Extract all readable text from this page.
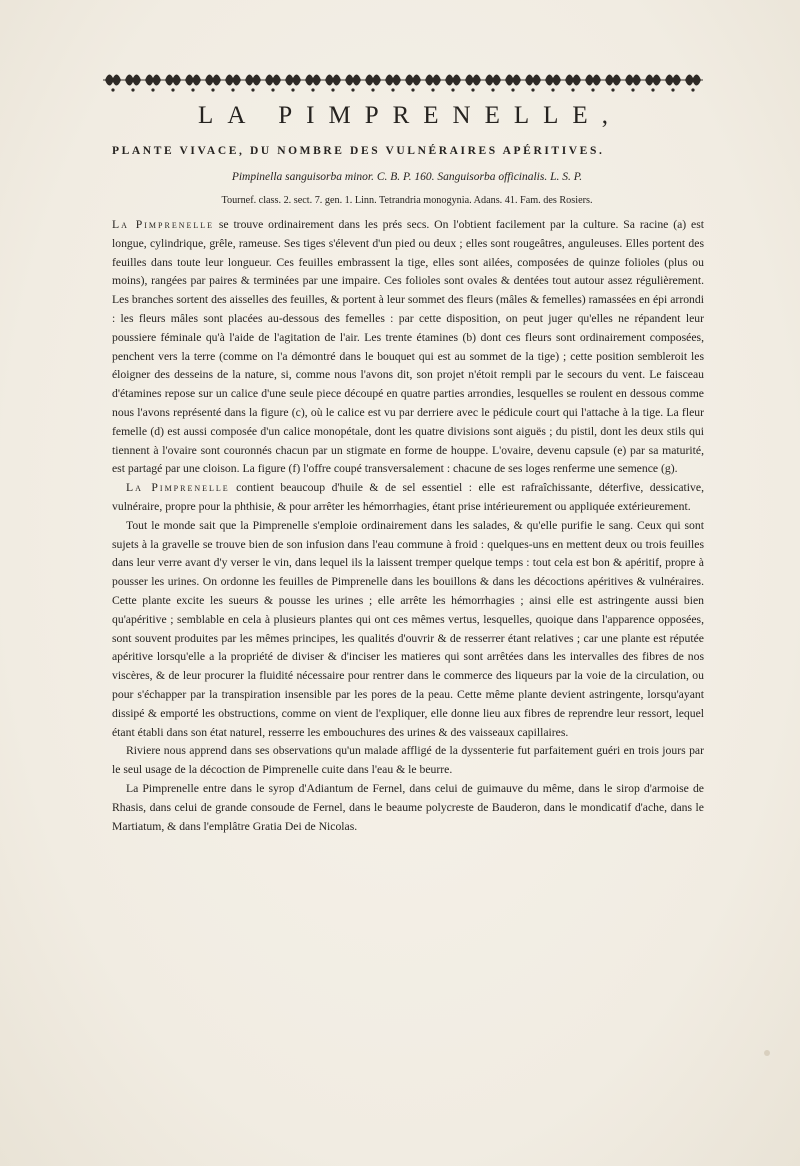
LA PIMPRENELLE,
PLANTE VIVACE, DU NOMBRE DES VULNÉRAIRES APÉRITIVES.
Pimpinella sanguisorba minor. C. B. P. 160. Sanguisorba officinalis. L. S. P.
Tournef. class. 2. sect. 7. gen. 1. Linn. Tetrandria monogynia. Adans. 41. Fam. des Rosiers.

La Pimprenelle se trouve ordinairement dans les prés secs. On l'obtient facilement par la culture. Sa racine (a) est longue, cylindrique, grêle, rameuse. Ses tiges s'élevent d'un pied ou deux ; elles sont rougeâtres, anguleuses. Elles portent des feuilles dans toute leur longueur. Ces feuilles embrassent la tige, elles sont ailées, composées de quinze folioles (plus ou moins), rangées par paires & terminées par une impaire. Ces folioles sont ovales & dentées tout autour assez régulièrement. Les branches sortent des aisselles des feuilles, & portent à leur sommet des fleurs (mâles & femelles) ramassées en épi arrondi : les fleurs mâles sont placées au-dessous des femelles : par cette disposition, on peut juger qu'elles ne répandent leur poussiere féminale qu'à l'aide de l'agitation de l'air. Les trente étamines (b) dont ces fleurs sont ordinairement composées, penchent vers la terre (comme on l'a démontré dans le bouquet qui est au sommet de la tige) ; cette position sembleroit les éloigner des desseins de la nature, si, comme nous l'avons dit, son projet n'étoit rempli par le secours du vent. Le faisceau d'étamines repose sur un calice d'une seule piece découpé en quatre parties arrondies, lesquelles se roulent en dessous comme nous l'avons représenté dans la figure (c), où le calice est vu par derriere avec le pédicule court qui l'attache à la tige. La fleur femelle (d) est aussi composée d'un calice monopétale, dont les quatre divisions sont aiguës ; du pistil, dont les deux stils qui tiennent à l'ovaire sont couronnés chacun par un stigmate en forme de houppe. L'ovaire, devenu capsule (e) par sa maturité, est partagé par une cloison. La figure (f) l'offre coupé transversalement : chacune de ses loges renferme une semence (g).

La Pimprenelle contient beaucoup d'huile & de sel essentiel : elle est rafraîchissante, déterfive, dessicative, vulnéraire, propre pour la phthisie, & pour arrêter les hémorrhagies, étant prise intérieurement ou appliquée extérieurement.

Tout le monde sait que la Pimprenelle s'emploie ordinairement dans les salades, & qu'elle purifie le sang. Ceux qui sont sujets à la gravelle se trouve bien de son infusion dans l'eau commune à froid : quelques-uns en mettent deux ou trois feuilles dans leur verre avant d'y verser le vin, dans lequel ils la laissent tremper quelque temps : tout cela est bon & apéritif, propre à pousser les urines. On ordonne les feuilles de Pimprenelle dans les bouillons & dans les décoctions apéritives & vulnéraires. Cette plante excite les sueurs & pousse les urines ; elle arrête les hémorrhagies ; ainsi elle est astringente aussi bien qu'apéritive ; semblable en cela à plusieurs plantes qui ont ces mêmes vertus, lesquelles, quoique dans l'apparence opposées, sont souvent produites par les mêmes principes, les qualités d'ouvrir & de resserrer étant relatives ; car une plante est réputée apéritive lorsqu'elle a la propriété de diviser & d'inciser les matieres qui sont arrêtées dans les intervalles des fibres de nos viscères, & de leur procurer la fluidité nécessaire pour rentrer dans le commerce des liqueurs par la voie de la circulation, ou pour s'échapper par la transpiration insensible par les pores de la peau. Cette même plante devient astringente, lorsqu'ayant dissipé & emporté les obstructions, comme on vient de l'expliquer, elle donne lieu aux fibres de reprendre leur ressort, lequel étant établi dans son état naturel, resserre les embouchures des urines & des vaisseaux capillaires.

Riviere nous apprend dans ses observations qu'un malade affligé de la dyssenterie fut parfaitement guéri en trois jours par le seul usage de la décoction de Pimprenelle cuite dans l'eau & le beurre.

La Pimprenelle entre dans le syrop d'Adiantum de Fernel, dans celui de guimauve du même, dans le sirop d'armoise de Rhasis, dans celui de grande consoude de Fernel, dans le beaume polycreste de Bauderon, dans le mondicatif d'ache, dans le Martiatum, & dans l'emplâtre Gratia Dei de Nicolas.
